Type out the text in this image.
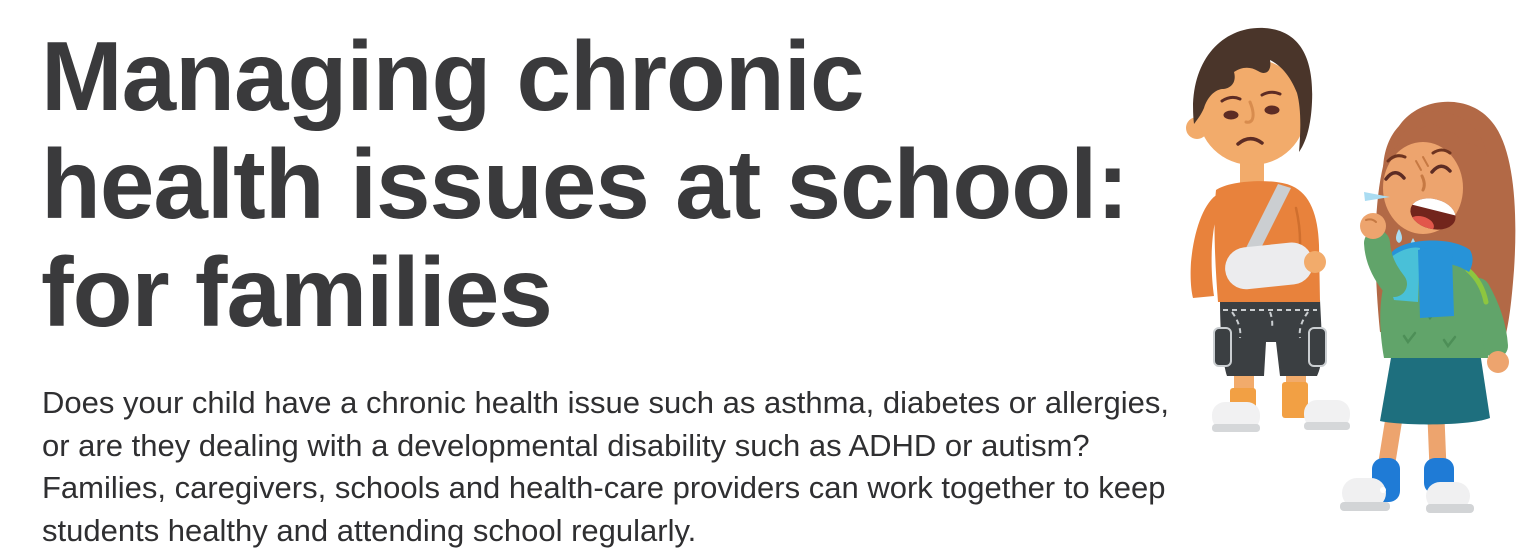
Managing chronic
health issues at school:
for families

Does your child have a chronic health issue such as asthma, diabetes or allergies, or are they dealing with a developmental disability such as ADHD or autism? Families, caregivers, schools and health-care providers can work together to keep students healthy and attending school regularly.
